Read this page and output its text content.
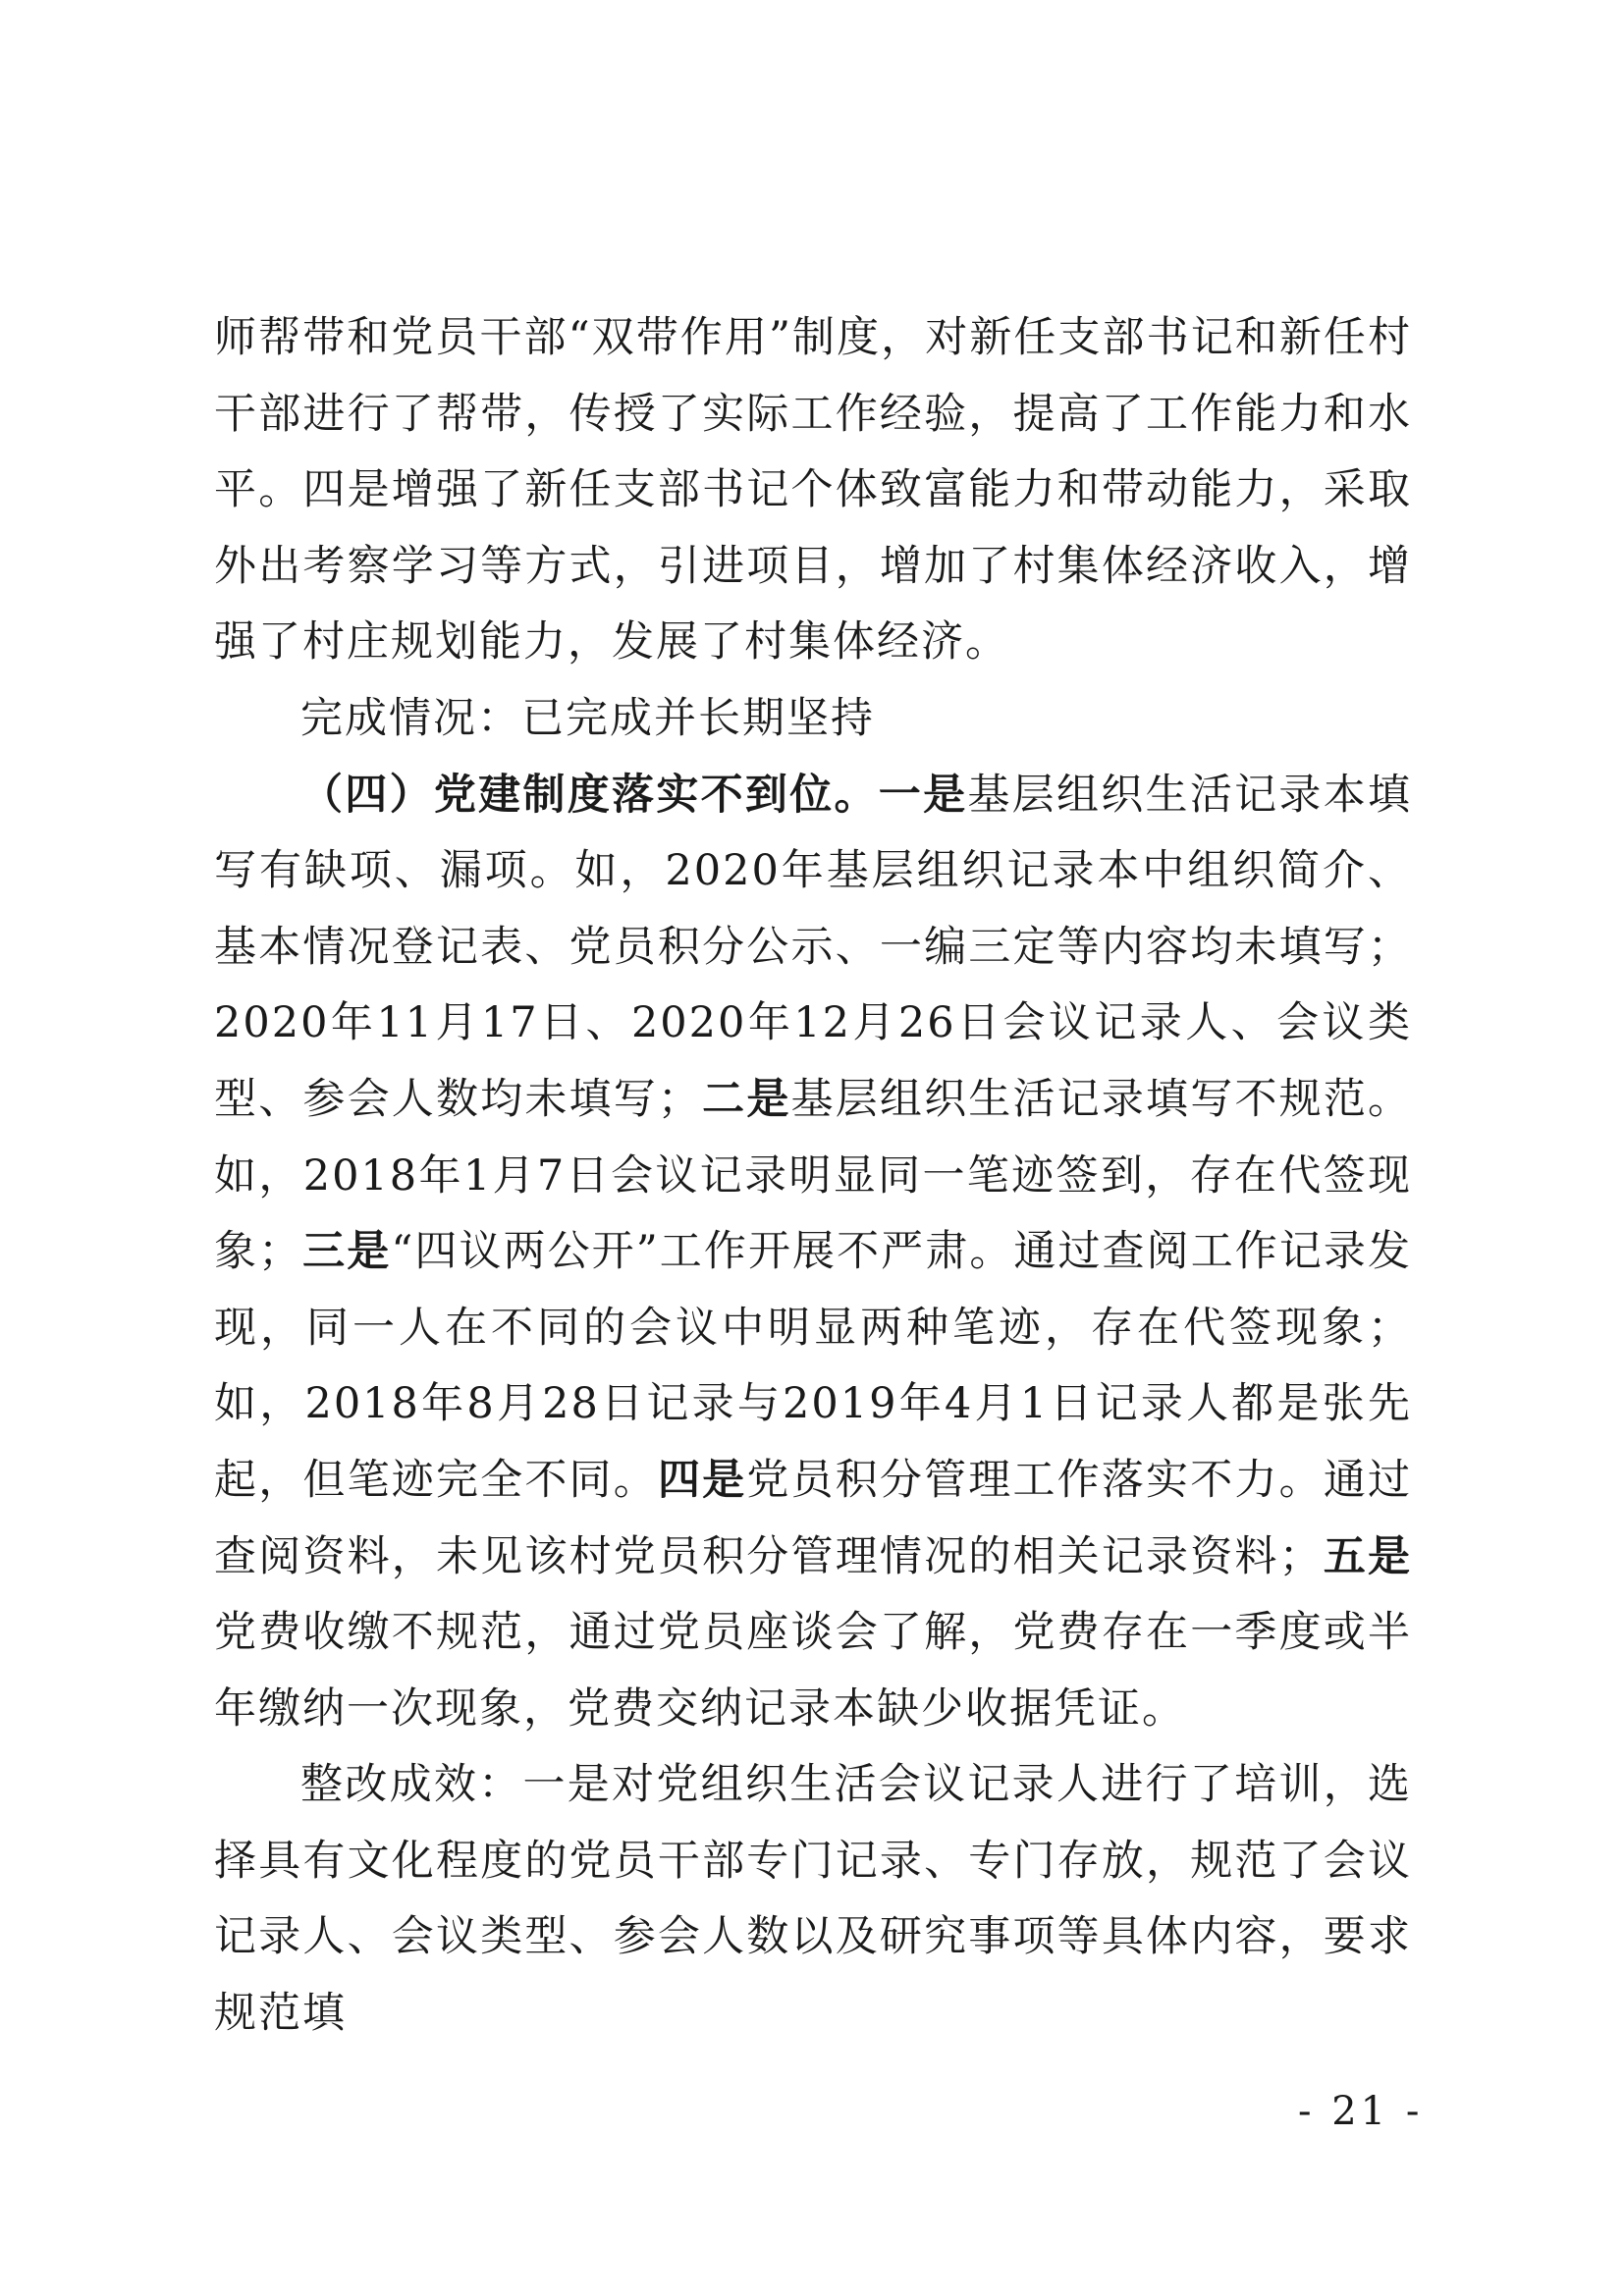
师帮带和党员干部“双带作用”制度，对新任支部书记和新任村干部进行了帮带，传授了实际工作经验，提高了工作能力和水平。四是增强了新任支部书记个体致富能力和带动能力，采取外出考察学习等方式，引进项目，增加了村集体经济收入，增强了村庄规划能力，发展了村集体经济。

完成情况：已完成并长期坚持

（四）党建制度落实不到位。一是基层组织生活记录本填写有缺项、漏项。如，2020年基层组织记录本中组织简介、基本情况登记表、党员积分公示、一编三定等内容均未填写；2020年11月17日、2020年12月26日会议记录人、会议类型、参会人数均未填写；二是基层组织生活记录填写不规范。如，2018年1月7日会议记录明显同一笔迹签到，存在代签现象；三是“四议两公开”工作开展不严肃。通过查阅工作记录发现，同一人在不同的会议中明显两种笔迹，存在代签现象；如，2018年8月28日记录与2019年4月1日记录人都是张先起，但笔迹完全不同。四是党员积分管理工作落实不力。通过查阅资料，未见该村党员积分管理情况的相关记录资料；五是党费收缴不规范，通过党员座谈会了解，党费存在一季度或半年缴纳一次现象，党费交纳记录本缺少收据凭证。

整改成效：一是对党组织生活会议记录人进行了培训，选择具有文化程度的党员干部专门记录、专门存放，规范了会议记录人、会议类型、参会人数以及研究事项等具体内容，要求规范填

- 21 -
